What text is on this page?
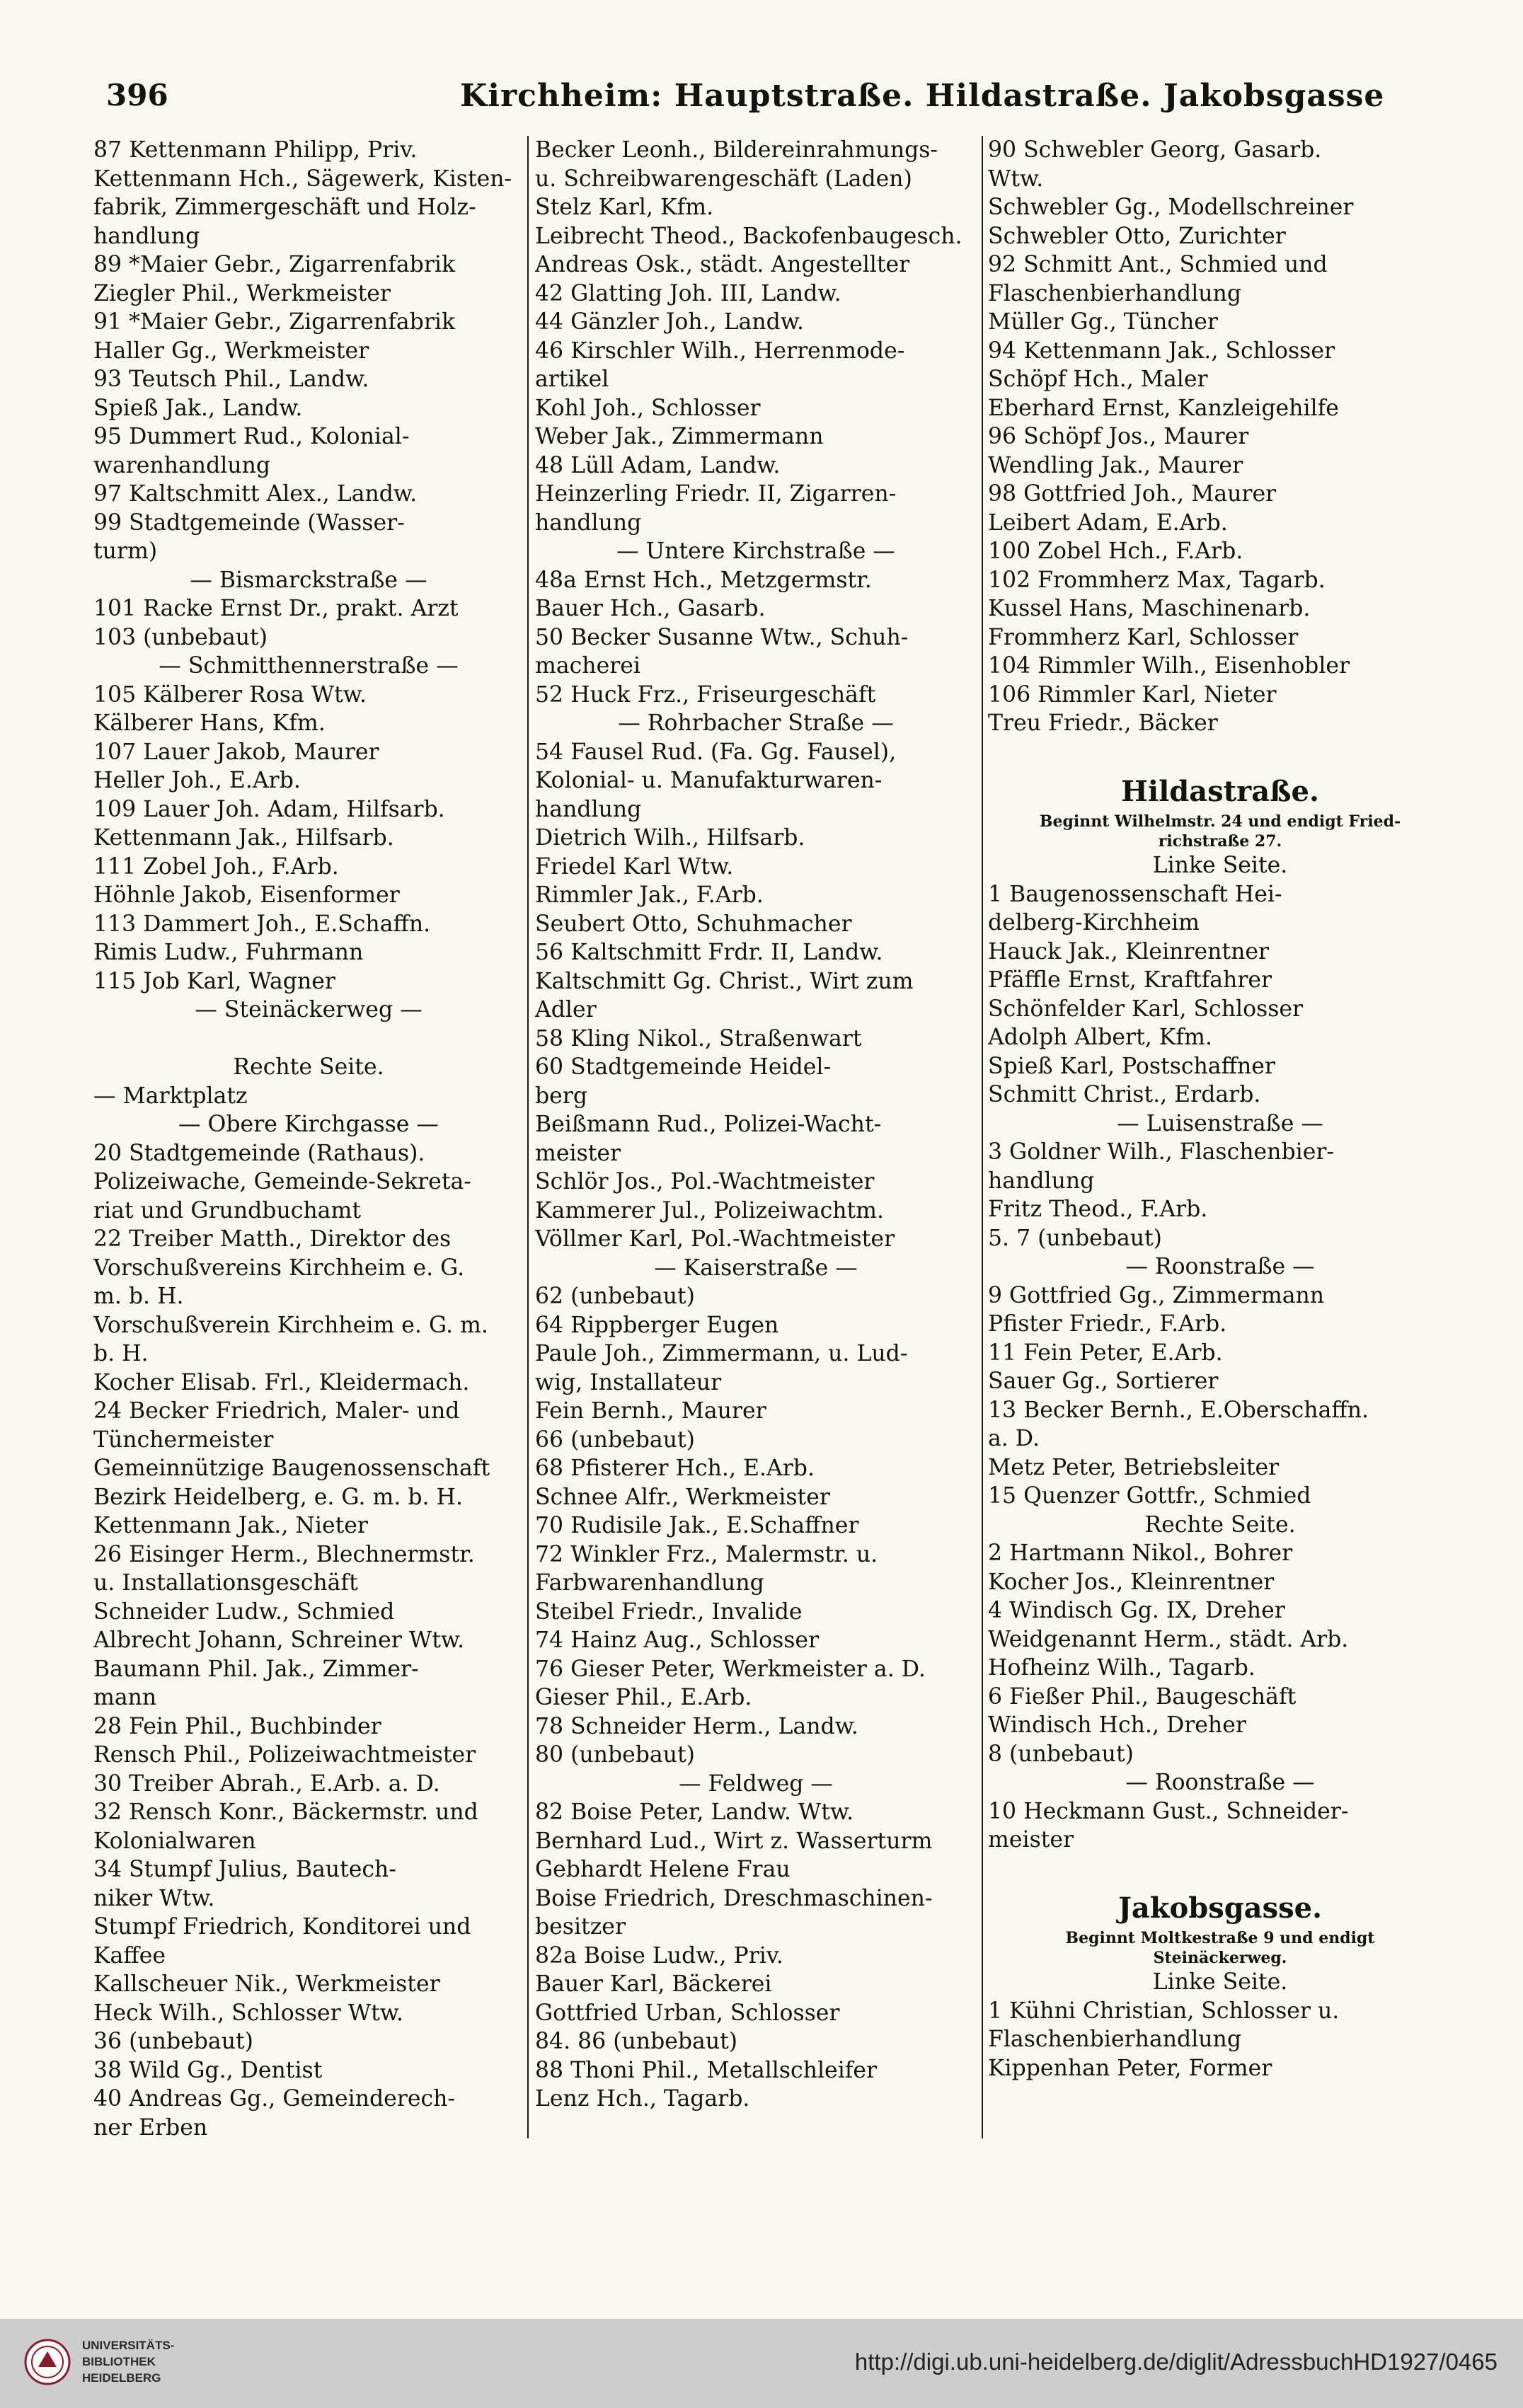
396	Kirchheim: Hauptstraße. Hildastraße. Jakobsgasse
87 Kettenmann Philipp, Priv.
Kettenmann Hch., Sägewerk, Kisten-
fabrik, Zimmergeschäft und Holz-
handlung
89 *Maier Gebr., Zigarrenfabrik
Ziegler Phil., Werkmeister
91 *Maier Gebr., Zigarrenfabrik
Haller Gg., Werkmeister
93 Teutsch Phil., Landw.
Spieß Jak., Landw.
95 Dummert Rud., Kolonial-
warenhandlung
97 Kaltschmitt Alex., Landw.
99 Stadtgemeinde (Wasser-
turm)
— Bismarckstraße —
101 Racke Ernst Dr., prakt. Arzt
103 (unbebaut)
— Schmitthennerstraße —
105 Kälberer Rosa Wtw.
Kälberer Hans, Kfm.
107 Lauer Jakob, Maurer
Heller Joh., E.Arb.
109 Lauer Joh. Adam, Hilfsarb.
Kettenmann Jak., Hilfsarb.
111 Zobel Joh., F.Arb.
Höhnle Jakob, Eisenformer
113 Dammert Joh., E.Schaffn.
Rimis Ludw., Fuhrmann
115 Job Karl, Wagner
— Steinäckerweg —

Rechte Seite.
— Marktplatz
— Obere Kirchgasse —
20 Stadtgemeinde (Rathaus).
Polizeiwache, Gemeinde-Sekreta-
riat und Grundbuchamt
22 Treiber Matth., Direktor des
Vorschußvereins Kirchheim e. G.
m. b. H.
Vorschußverein Kirchheim e. G. m.
b. H.
Kocher Elisab. Frl., Kleidermach.
24 Becker Friedrich, Maler- und
Tünchermeister
Gemeinnützige Baugenossenschaft
Bezirk Heidelberg, e. G. m. b. H.
Kettenmann Jak., Nieter
26 Eisinger Herm., Blechnermstr.
u. Installationsgeschäft
Schneider Ludw., Schmied
Albrecht Johann, Schreiner Wtw.
Baumann Phil. Jak., Zimmer-
mann
28 Fein Phil., Buchbinder
Rensch Phil., Polizeiwachtmeister
30 Treiber Abrah., E.Arb. a. D.
32 Rensch Konr., Bäckermstr. und
Kolonialwaren
34 Stumpf Julius, Bautech-
niker Wtw.
Stumpf Friedrich, Konditorei und
Kaffee
Kallscheuer Nik., Werkmeister
Heck Wilh., Schlosser Wtw.
36 (unbebaut)
38 Wild Gg., Dentist
40 Andreas Gg., Gemeinderech-
ner Erben
Becker Leonh., Bildereinrahmungs-
u. Schreibwarengeschäft (Laden)
Stelz Karl, Kfm.
Leibrecht Theod., Backofenbaugesch.
Andreas Osk., städt. Angestellter
42 Glatting Joh. III, Landw.
44 Gänzler Joh., Landw.
46 Kirschler Wilh., Herrenmode-
artikel
Kohl Joh., Schlosser
Weber Jak., Zimmermann
48 Lüll Adam, Landw.
Heinzerling Friedr. II, Zigarren-
handlung
— Untere Kirchstraße —
48a Ernst Hch., Metzgermstr.
Bauer Hch., Gasarb.
50 Becker Susanne Wtw., Schuh-
macherei
52 Huck Frz., Friseurgeschäft
— Rohrbacher Straße —
54 Fausel Rud. (Fa. Gg. Fausel),
Kolonial- u. Manufakturwaren-
handlung
Dietrich Wilh., Hilfsarb.
Friedel Karl Wtw.
Rimmler Jak., F.Arb.
Seubert Otto, Schuhmacher
56 Kaltschmitt Frdr. II, Landw.
Kaltschmitt Gg. Christ., Wirt zum
Adler
58 Kling Nikol., Straßenwart
60 Stadtgemeinde Heidel-
berg
Beißmann Rud., Polizei-Wacht-
meister
Schlör Jos., Pol.-Wachtmeister
Kammerer Jul., Polizeiwachtm.
Völlmer Karl, Pol.-Wachtmeister
— Kaiserstraße —
62 (unbebaut)
64 Rippberger Eugen
Paule Joh., Zimmermann, u. Lud-
wig, Installateur
Fein Bernh., Maurer
66 (unbebaut)
68 Pfisterer Hch., E.Arb.
Schnee Alfr., Werkmeister
70 Rudisile Jak., E.Schaffner
72 Winkler Frz., Malermstr. u.
Farbwarenhandlung
Steibel Friedr., Invalide
74 Hainz Aug., Schlosser
76 Gieser Peter, Werkmeister a. D.
Gieser Phil., E.Arb.
78 Schneider Herm., Landw.
80 (unbebaut)
— Feldweg —
82 Boise Peter, Landw. Wtw.
Bernhard Lud., Wirt z. Wasserturm
Gebhardt Helene Frau
Boise Friedrich, Dreschmaschinen-
besitzer
82a Boise Ludw., Priv.
Bauer Karl, Bäckerei
Gottfried Urban, Schlosser
84. 86 (unbebaut)
88 Thoni Phil., Metallschleifer
Lenz Hch., Tagarb.
90 Schwebler Georg, Gasarb.
Wtw.
Schwebler Gg., Modellschreiner
Schwebler Otto, Zurichter
92 Schmitt Ant., Schmied und
Flaschenbierhandlung
Müller Gg., Tüncher
94 Kettenmann Jak., Schlosser
Schöpf Hch., Maler
Eberhard Ernst, Kanzleigehilfe
96 Schöpf Jos., Maurer
Wendling Jak., Maurer
98 Gottfried Joh., Maurer
Leibert Adam, E.Arb.
100 Zobel Hch., F.Arb.
102 Frommherz Max, Tagarb.
Kussel Hans, Maschinenarb.
Frommherz Karl, Schlosser
104 Rimmler Wilh., Eisenhobler
106 Rimmler Karl, Nieter
Treu Friedr., Bäcker

Hildastraße.
Beginnt Wilhelmstr. 24 und endigt Fried-
richstraße 27.
Linke Seite.
1 Baugenossenschaft Hei-
delberg-Kirchheim
Hauck Jak., Kleinrentner
Pfäffle Ernst, Kraftfahrer
Schönfelder Karl, Schlosser
Adolph Albert, Kfm.
Spieß Karl, Postschaffner
Schmitt Christ., Erdarb.
— Luisenstraße —
3 Goldner Wilh., Flaschenbier-
handlung
Fritz Theod., F.Arb.
5. 7 (unbebaut)
— Roonstraße —
9 Gottfried Gg., Zimmermann
Pfister Friedr., F.Arb.
11 Fein Peter, E.Arb.
Sauer Gg., Sortierer
13 Becker Bernh., E.Oberschaffn.
a. D.
Metz Peter, Betriebsleiter
15 Quenzer Gottfr., Schmied
Rechte Seite.
2 Hartmann Nikol., Bohrer
Kocher Jos., Kleinrentner
4 Windisch Gg. IX, Dreher
Weidgenannt Herm., städt. Arb.
Hofheinz Wilh., Tagarb.
6 Fießer Phil., Baugeschäft
Windisch Hch., Dreher
8 (unbebaut)
— Roonstraße —
10 Heckmann Gust., Schneider-
meister

Jakobsgasse.
Beginnt Moltkestraße 9 und endigt
Steinäckerweg.
Linke Seite.
1 Kühni Christian, Schlosser u.
Flaschenbierhandlung
Kippenhan Peter, Former
UNIVERSITÄTS-
BIBLIOTHEK
HEIDELBERG
http://digi.ub.uni-heidelberg.de/diglit/AdressbuchHD1927/0465
